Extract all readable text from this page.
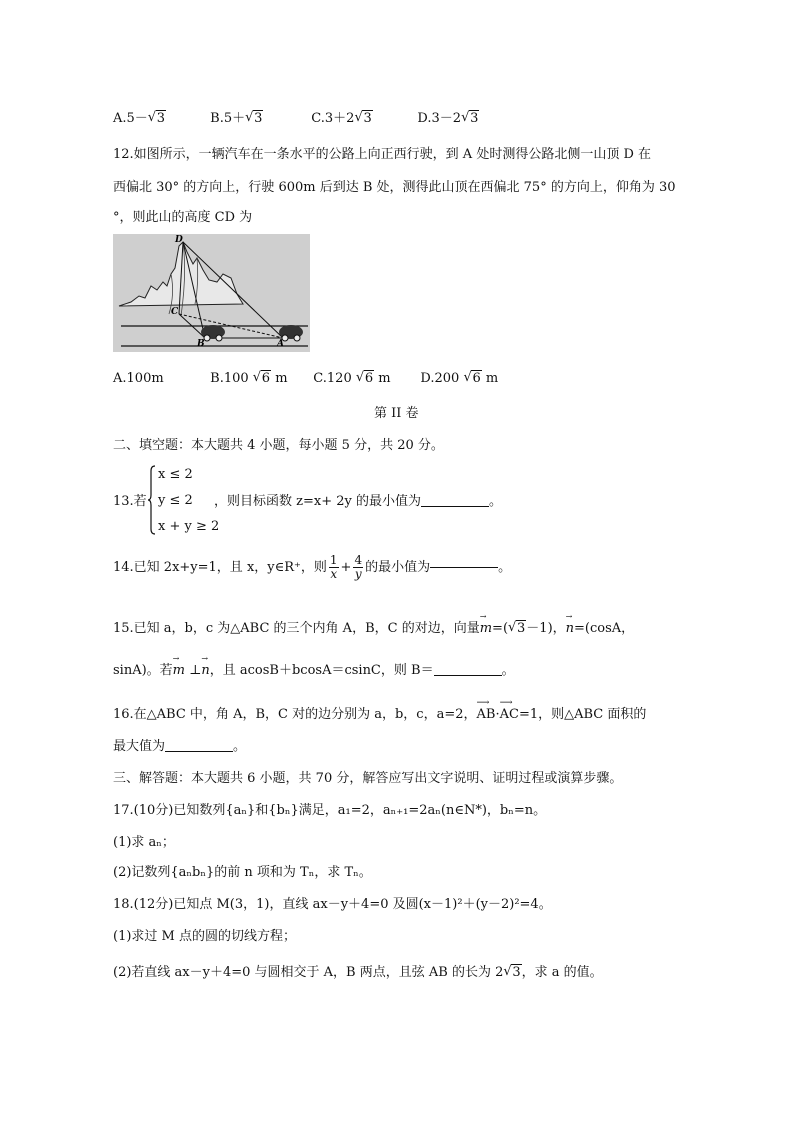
A.5－ √ 3	B.5＋ √ 3	C.3＋2 √ 3	D.3－2 √ 3
12.如图所示，一辆汽车在一条水平的公路上向正西行驶，到 A 处时测得公路北侧一山顶 D 在
西偏北 30° 的方向上，行驶 600m 后到达 B 处，测得此山顶在西偏北 75° 的方向上，仰角为 30
°，则此山的高度 CD 为
D
C
B	A
A.100m	B.100 √ 6 m C.120 √ 6 m D.200 √ 6 m
第 II 卷
二、填空题：本大题共 4 小题，每小题 5 分，共 20 分。
x ≤ 2
y ≤ 2
x + y ≥ 2
13.若	，则目标函数 z=x+ 2y 的最小值为	。
14.已知 2x+y=1，且 x，y∈R⁺，则 $\frac{1}{x} + \frac{4}{y}$ 的最小值为	。
15.已知 a，b，c 为△ABC 的三个内角 A，B，C 的对边，向量m →=( √ 3－1)，n →=(cosA，
sinA)。若m → ⊥n →，且 acosB＋bcosA＝csinC，则 B＝	。
16.在△ABC 中，角 A，B，C 对的边分别为 a，b，c，a=2，AB ⟶·AC ⟶=1，则△ABC 面积的
最大值为	。
三、解答题：本大题共 6 小题，共 70 分，解答应写出文字说明、证明过程或演算步骤。
17.(10分)已知数列{aₙ}和{bₙ}满足，a₁=2，aₙ₊₁=2aₙ(n∈N*)，bₙ=n。
(1)求 aₙ；
(2)记数列{aₙbₙ}的前 n 项和为 Tₙ，求 Tₙ。
18.(12分)已知点 M(3，1)，直线 ax－y＋4=0 及圆(x－1)²＋(y－2)²=4。
(1)求过 M 点的圆的切线方程；
(2)若直线 ax－y＋4=0 与圆相交于 A，B 两点，且弦 AB 的长为 2 √ 3，求 a 的值。
